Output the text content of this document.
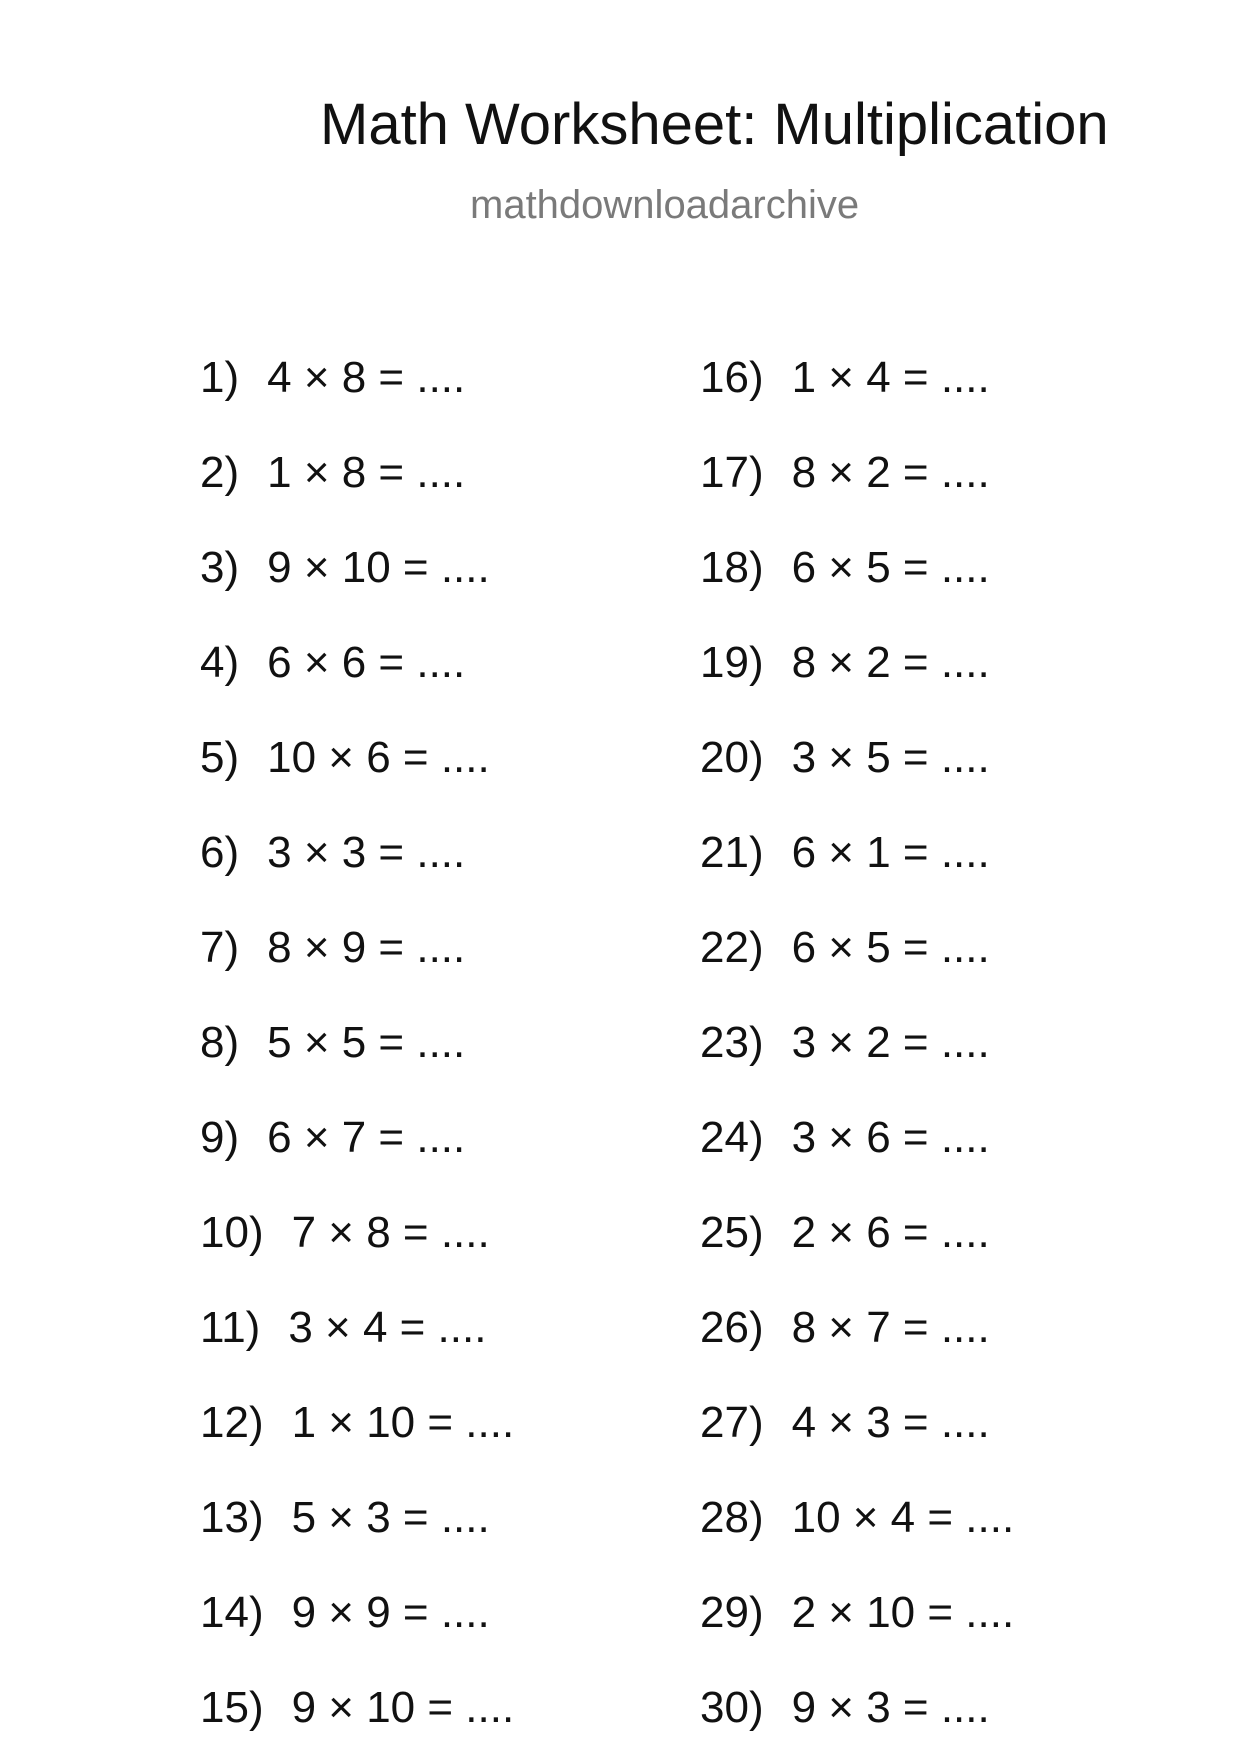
Math Worksheet: Multiplication
mathdownloadarchive
1) 4 × 8 = ....
2) 1 × 8 = ....
3) 9 × 10 = ....
4) 6 × 6 = ....
5) 10 × 6 = ....
6) 3 × 3 = ....
7) 8 × 9 = ....
8) 5 × 5 = ....
9) 6 × 7 = ....
10) 7 × 8 = ....
11) 3 × 4 = ....
12) 1 × 10 = ....
13) 5 × 3 = ....
14) 9 × 9 = ....
15) 9 × 10 = ....
16) 1 × 4 = ....
17) 8 × 2 = ....
18) 6 × 5 = ....
19) 8 × 2 = ....
20) 3 × 5 = ....
21) 6 × 1 = ....
22) 6 × 5 = ....
23) 3 × 2 = ....
24) 3 × 6 = ....
25) 2 × 6 = ....
26) 8 × 7 = ....
27) 4 × 3 = ....
28) 10 × 4 = ....
29) 2 × 10 = ....
30) 9 × 3 = ....
